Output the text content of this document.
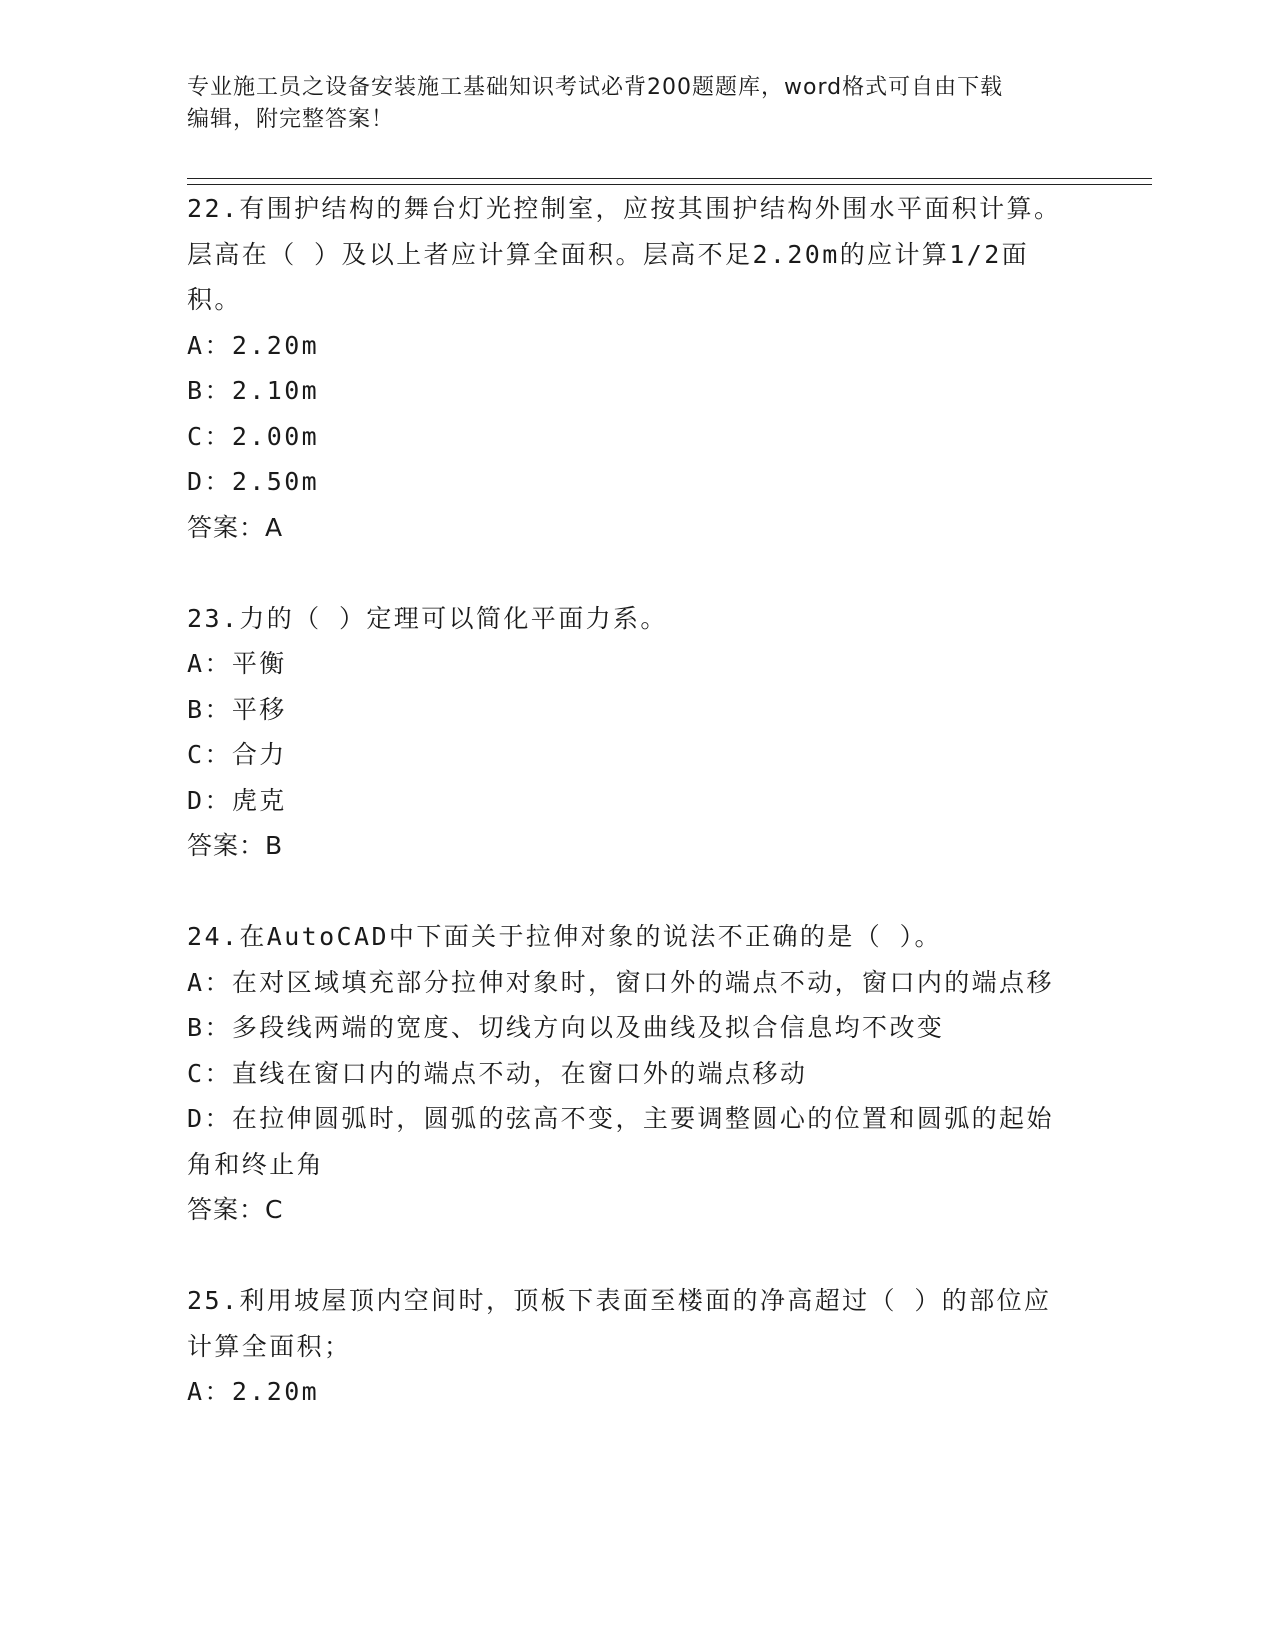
专业施工员之设备安装施工基础知识考试必背200题题库，word格式可自由下载
编辑，附完整答案！

22.有围护结构的舞台灯光控制室，应按其围护结构外围水平面积计算。层高在（ ）及以上者应计算全面积。层高不足2.20m的应计算1/2面积。

A：2.20m

B：2.10m

C：2.00m

D：2.50m

答案：A

23.力的（ ）定理可以简化平面力系。

A：平衡

B：平移

C：合力

D：虎克

答案：B

24.在AutoCAD中下面关于拉伸对象的说法不正确的是（ ）。

A：在对区域填充部分拉伸对象时，窗口外的端点不动，窗口内的端点移

B：多段线两端的宽度、切线方向以及曲线及拟合信息均不改变

C：直线在窗口内的端点不动，在窗口外的端点移动

D：在拉伸圆弧时，圆弧的弦高不变，主要调整圆心的位置和圆弧的起始角和终止角

答案：C

25.利用坡屋顶内空间时，顶板下表面至楼面的净高超过（ ）的部位应计算全面积；

A：2.20m
